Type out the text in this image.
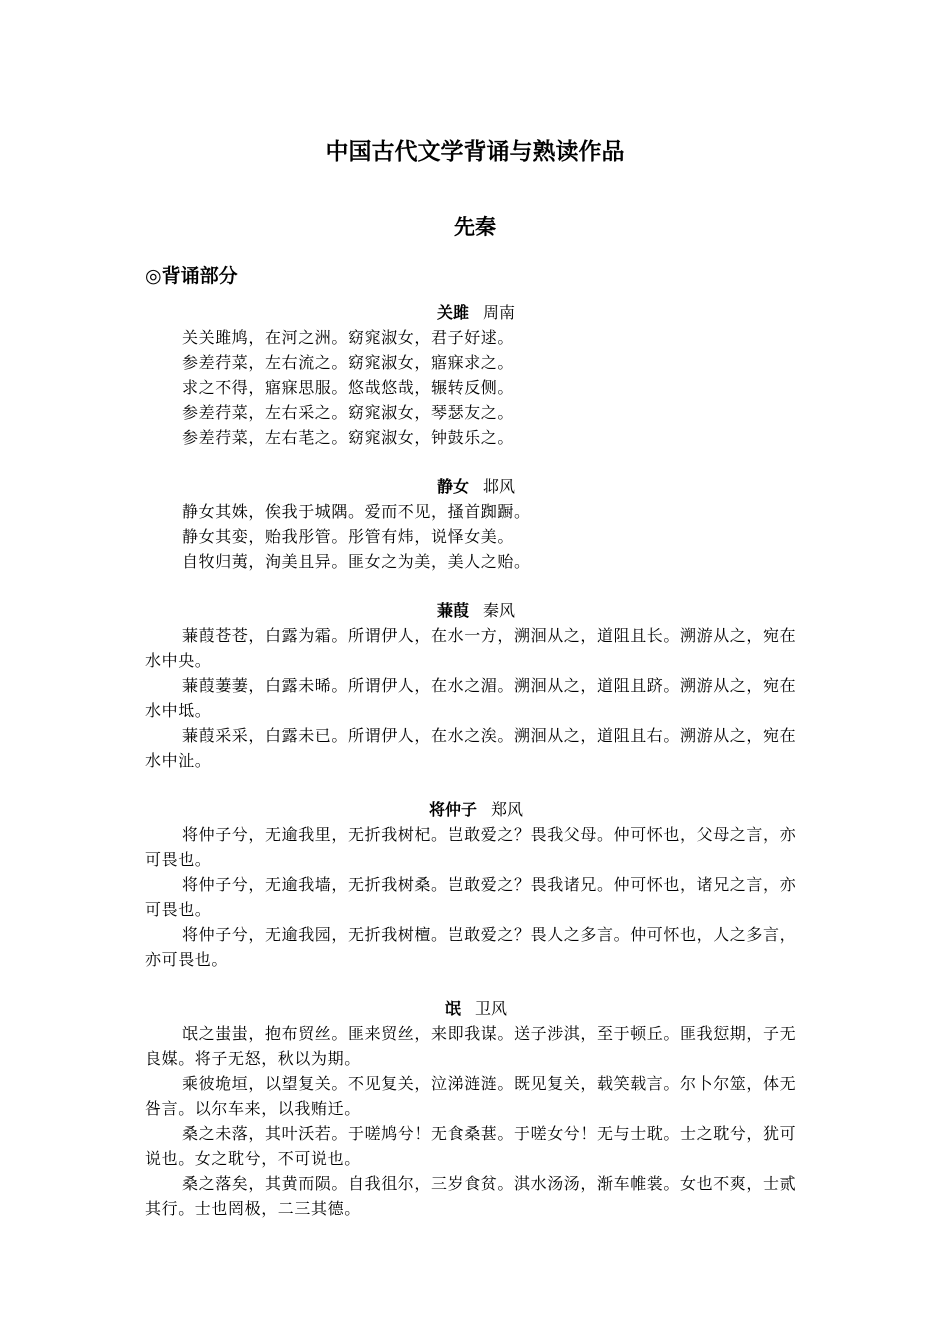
中国古代文学背诵与熟读作品
先秦
◎背诵部分
关雎 周南

关关雎鸠，在河之洲。窈窕淑女，君子好逑。

参差荇菜，左右流之。窈窕淑女，寤寐求之。

求之不得，寤寐思服。悠哉悠哉，辗转反侧。

参差荇菜，左右采之。窈窕淑女，琴瑟友之。

参差荇菜，左右芼之。窈窕淑女，钟鼓乐之。

静女 邶风

静女其姝，俟我于城隅。爱而不见，搔首踟蹰。

静女其娈，贻我彤管。彤管有炜，说怿女美。

自牧归荑，洵美且异。匪女之为美，美人之贻。

蒹葭 秦风

蒹葭苍苍，白露为霜。所谓伊人，在水一方，溯洄从之，道阻且长。溯游从之，宛在水中央。

蒹葭萋萋，白露未晞。所谓伊人，在水之湄。溯洄从之，道阻且跻。溯游从之，宛在水中坻。

蒹葭采采，白露未已。所谓伊人，在水之涘。溯洄从之，道阻且右。溯游从之，宛在水中沚。

将仲子 郑风

将仲子兮，无逾我里，无折我树杞。岂敢爱之？畏我父母。仲可怀也，父母之言，亦可畏也。

将仲子兮，无逾我墙，无折我树桑。岂敢爱之？畏我诸兄。仲可怀也，诸兄之言，亦可畏也。

将仲子兮，无逾我园，无折我树檀。岂敢爱之？畏人之多言。仲可怀也，人之多言，亦可畏也。

氓 卫风

氓之蚩蚩，抱布贸丝。匪来贸丝，来即我谋。送子涉淇，至于顿丘。匪我愆期，子无良媒。将子无怒，秋以为期。

乘彼垝垣，以望复关。不见复关，泣涕涟涟。既见复关，载笑载言。尔卜尔筮，体无咎言。以尔车来，以我贿迁。

桑之未落，其叶沃若。于嗟鸠兮！无食桑葚。于嗟女兮！无与士耽。士之耽兮，犹可说也。女之耽兮，不可说也。

桑之落矣，其黄而陨。自我徂尔，三岁食贫。淇水汤汤，渐车帷裳。女也不爽，士贰其行。士也罔极，二三其德。
